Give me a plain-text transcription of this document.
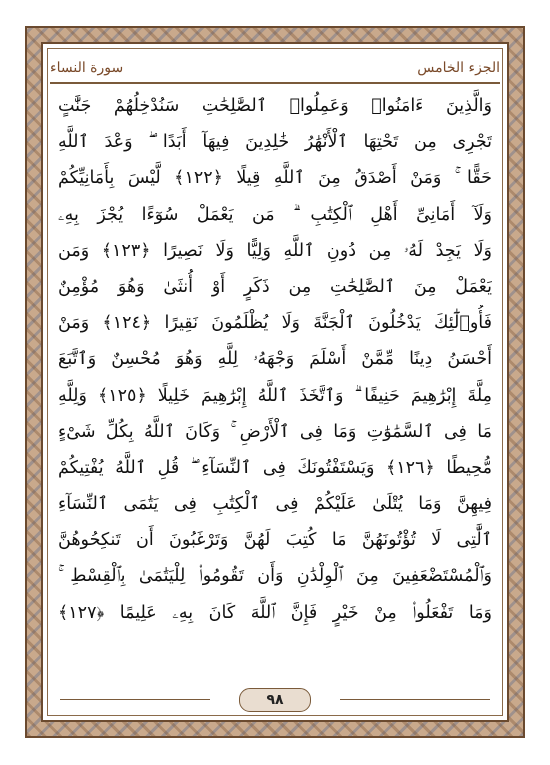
الجزء الخامس
سورة النساء
وَالَّذِينَ ءَامَنُوا۟ وَعَمِلُوا۟ ٱلصَّٰلِحَٰتِ سَنُدْخِلُهُمْ جَنَّٰتٍ
تَجْرِى مِن تَحْتِهَا ٱلْأَنْهَٰرُ خَٰلِدِينَ فِيهَآ أَبَدًا ۖ وَعْدَ ٱللَّهِ
حَقًّا ۚ وَمَنْ أَصْدَقُ مِنَ ٱللَّهِ قِيلًا ﴿١٢٢﴾ لَّيْسَ بِأَمَانِيِّكُمْ
وَلَآ أَمَانِىِّ أَهْلِ ٱلْكِتَٰبِ ۗ مَن يَعْمَلْ سُوٓءًا يُجْزَ بِهِۦ
وَلَا يَجِدْ لَهُۥ مِن دُونِ ٱللَّهِ وَلِيًّا وَلَا نَصِيرًا ﴿١٢٣﴾ وَمَن
يَعْمَلْ مِنَ ٱلصَّٰلِحَٰتِ مِن ذَكَرٍ أَوْ أُنثَىٰ وَهُوَ مُؤْمِنٌ
فَأُو۟لَٰٓئِكَ يَدْخُلُونَ ٱلْجَنَّةَ وَلَا يُظْلَمُونَ نَقِيرًا ﴿١٢٤﴾ وَمَنْ
أَحْسَنُ دِينًا مِّمَّنْ أَسْلَمَ وَجْهَهُۥ لِلَّهِ وَهُوَ مُحْسِنٌ وَٱتَّبَعَ
مِلَّةَ إِبْرَٰهِيمَ حَنِيفًا ۗ وَٱتَّخَذَ ٱللَّهُ إِبْرَٰهِيمَ خَلِيلًا ﴿١٢٥﴾ وَلِلَّهِ
مَا فِى ٱلسَّمَٰوَٰتِ وَمَا فِى ٱلْأَرْضِ ۚ وَكَانَ ٱللَّهُ بِكُلِّ شَىْءٍ
مُّحِيطًا ﴿١٢٦﴾ وَيَسْتَفْتُونَكَ فِى ٱلنِّسَآءِ ۖ قُلِ ٱللَّهُ يُفْتِيكُمْ
فِيهِنَّ وَمَا يُتْلَىٰ عَلَيْكُمْ فِى ٱلْكِتَٰبِ فِى يَتَٰمَى ٱلنِّسَآءِ
ٱلَّٰتِى لَا تُؤْتُونَهُنَّ مَا كُتِبَ لَهُنَّ وَتَرْغَبُونَ أَن تَنكِحُوهُنَّ
وَٱلْمُسْتَضْعَفِينَ مِنَ ٱلْوِلْدَٰنِ وَأَن تَقُومُوا۟ لِلْيَتَٰمَىٰ بِٱلْقِسْطِ ۚ
وَمَا تَفْعَلُوا۟ مِنْ خَيْرٍ فَإِنَّ ٱللَّهَ كَانَ بِهِۦ عَلِيمًا ﴿١٢٧﴾
٩٨
